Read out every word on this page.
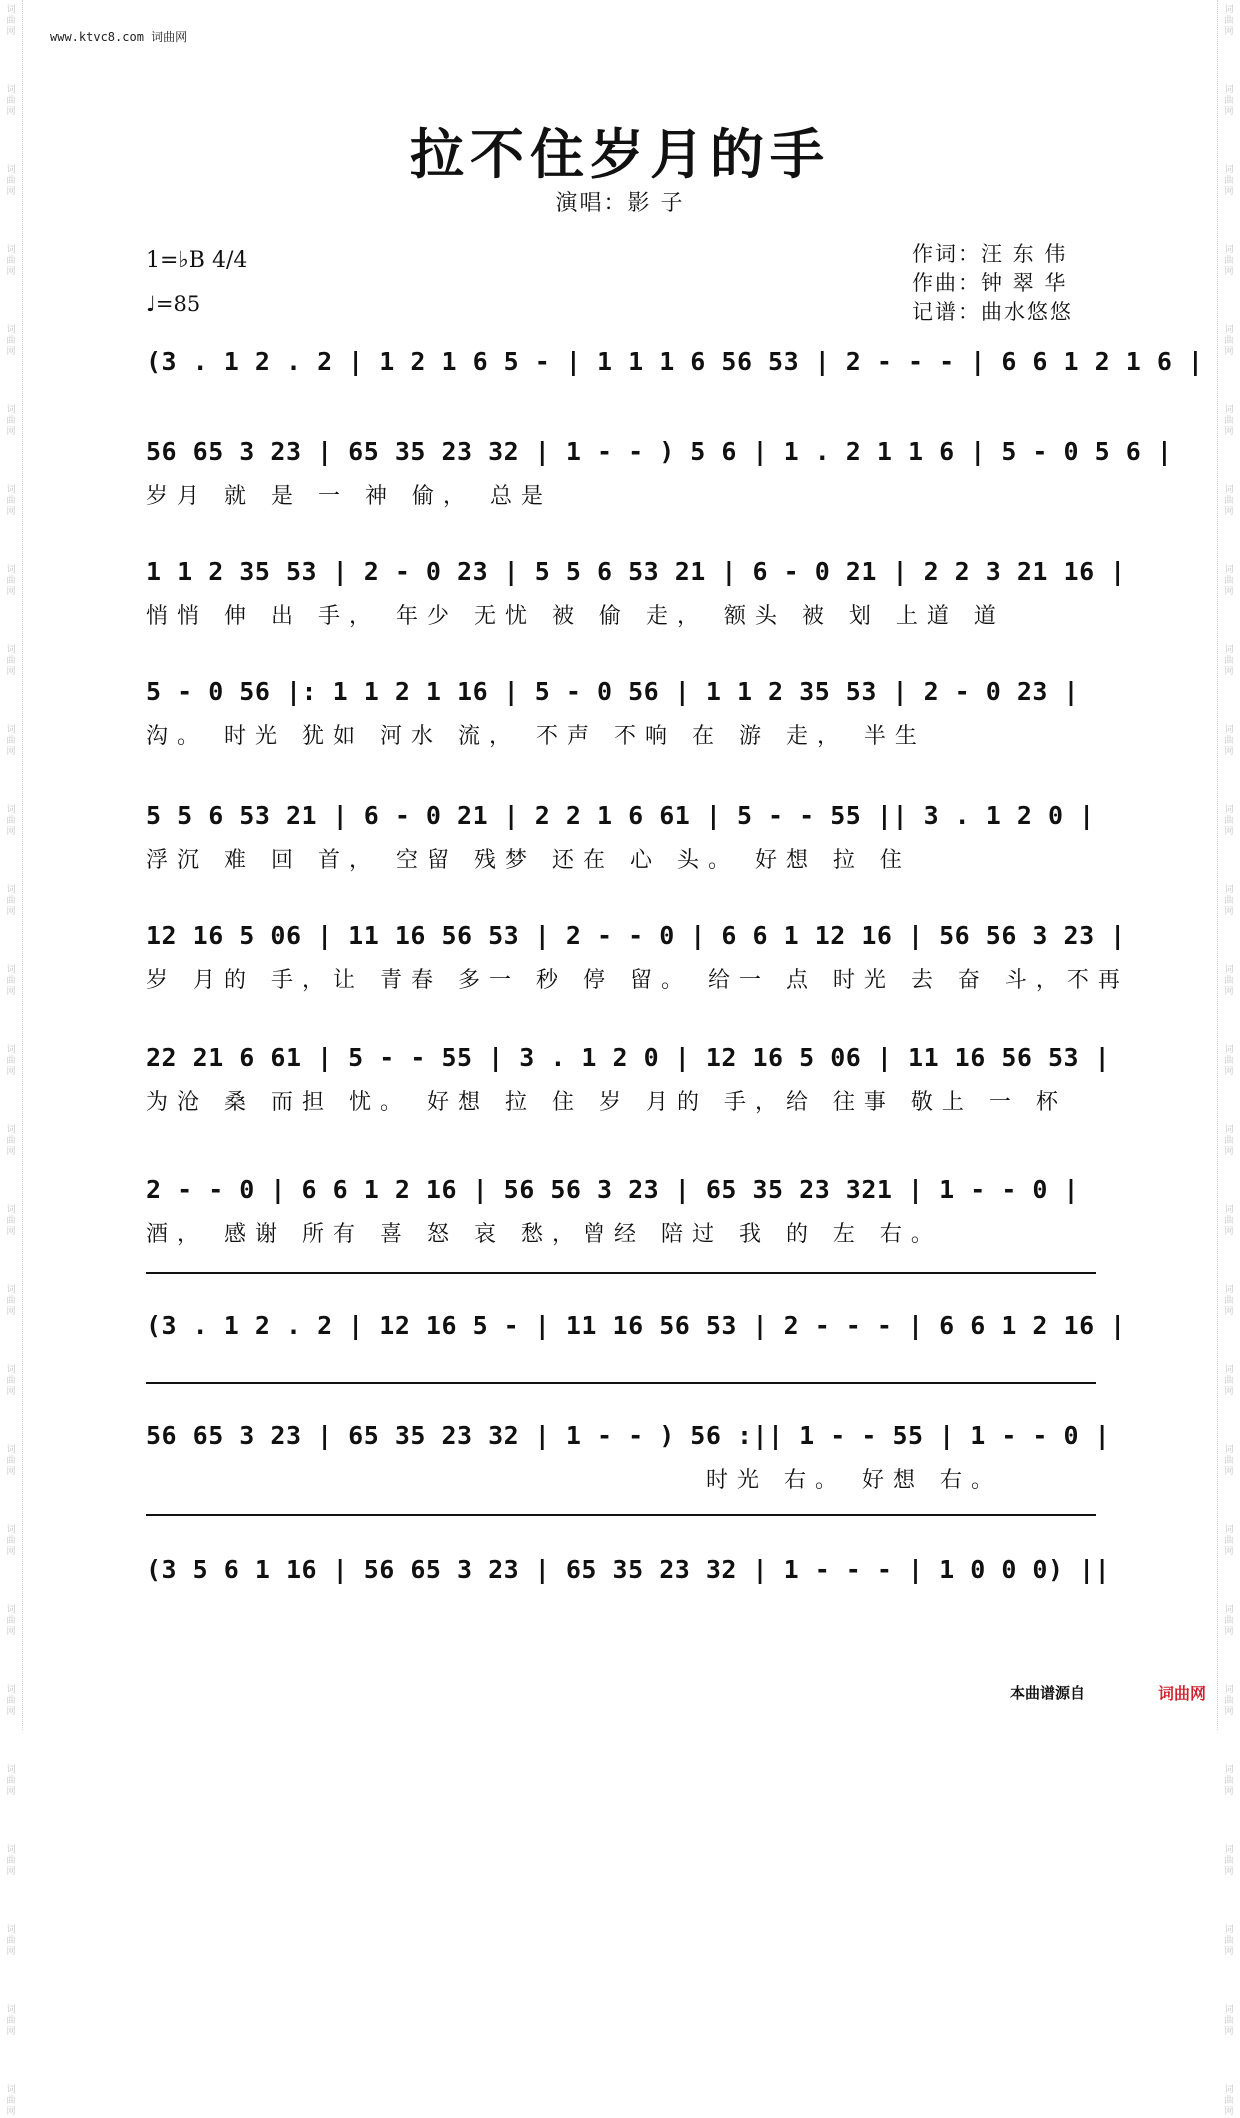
词
曲
网
词
曲
网
词
曲
网
词
曲
网
词
曲
网
词
曲
网
词
曲
网
词
曲
网
词
曲
网
词
曲
网
词
曲
网
词
曲
网
词
曲
网
词
曲
网
词
曲
网
词
曲
网
词
曲
网
词
曲
网
词
曲
网
词
曲
网
词
曲
网
词
曲
网
词
曲
网
词
曲
网
词
曲
网
词
曲
网
词
曲
网
词
曲
网
词
曲
网
词
曲
网
词
曲
网
词
曲
网
词
曲
网
词
曲
网
词
曲
网
词
曲
网
词
曲
网
词
曲
网
词
曲
网
词
曲
网
词
曲
网
词
曲
网
词
曲
网
词
曲
网
词
曲
网
词
曲
网
词
曲
网
词
曲
网
词
曲
网
词
曲
网
词
曲
网
词
曲
网
词
曲
网
词
曲
网
www.ktvc8.com 词曲网
拉不住岁月的手
演唱：影 子
1=♭B 4/4
♩=85
作词：汪 东 伟
作曲：钟 翠 华
记谱：曲水悠悠
(3 . 1 2 . 2 | 1 2 1 6 5 - | 1 1 1 6 56 53 | 2 - - - | 6 6 1 2 1 6 |
56 65 3 23 | 65 35 23 32 | 1 - - ) 5 6 | 1 . 2 1 1 6 | 5 - 0 5 6 |
岁月 就 是 一 神 偷， 总是
1 1 2 35 53 | 2 - 0 23 | 5 5 6 53 21 | 6 - 0 21 | 2 2 3 21 16 |
悄悄 伸 出 手， 年少 无忧 被 偷 走， 额头 被 划 上道 道
5 - 0 56 |: 1 1 2 1 16 | 5 - 0 56 | 1 1 2 35 53 | 2 - 0 23 |
沟。 时光 犹如 河水 流， 不声 不响 在 游 走， 半生
5 5 6 53 21 | 6 - 0 21 | 2 2 1 6 61 | 5 - - 55 || 3 . 1 2 0 |
浮沉 难 回 首， 空留 残梦 还在 心 头。 好想 拉 住
12 16 5 06 | 11 16 56 53 | 2 - - 0 | 6 6 1 12 16 | 56 56 3 23 |
岁 月的 手，让 青春 多一 秒 停 留。 给一 点 时光 去 奋 斗，不再
22 21 6 61 | 5 - - 55 | 3 . 1 2 0 | 12 16 5 06 | 11 16 56 53 |
为沧 桑 而担 忧。 好想 拉 住 岁 月的 手，给 往事 敬上 一 杯
2 - - 0 | 6 6 1 2 16 | 56 56 3 23 | 65 35 23 321 | 1 - - 0 |
酒， 感谢 所有 喜 怒 哀 愁，曾经 陪过 我 的 左 右。
(3 . 1 2 . 2 | 12 16 5 - | 11 16 56 53 | 2 - - - | 6 6 1 2 16 |
56 65 3 23 | 65 35 23 32 | 1 - - ) 56 :|| 1 - - 55 | 1 - - 0 |
时光 右。 好想 右。
(3 5 6 1 16 | 56 65 3 23 | 65 35 23 32 | 1 - - - | 1 0 0 0) ||
本曲谱源自	词曲网
